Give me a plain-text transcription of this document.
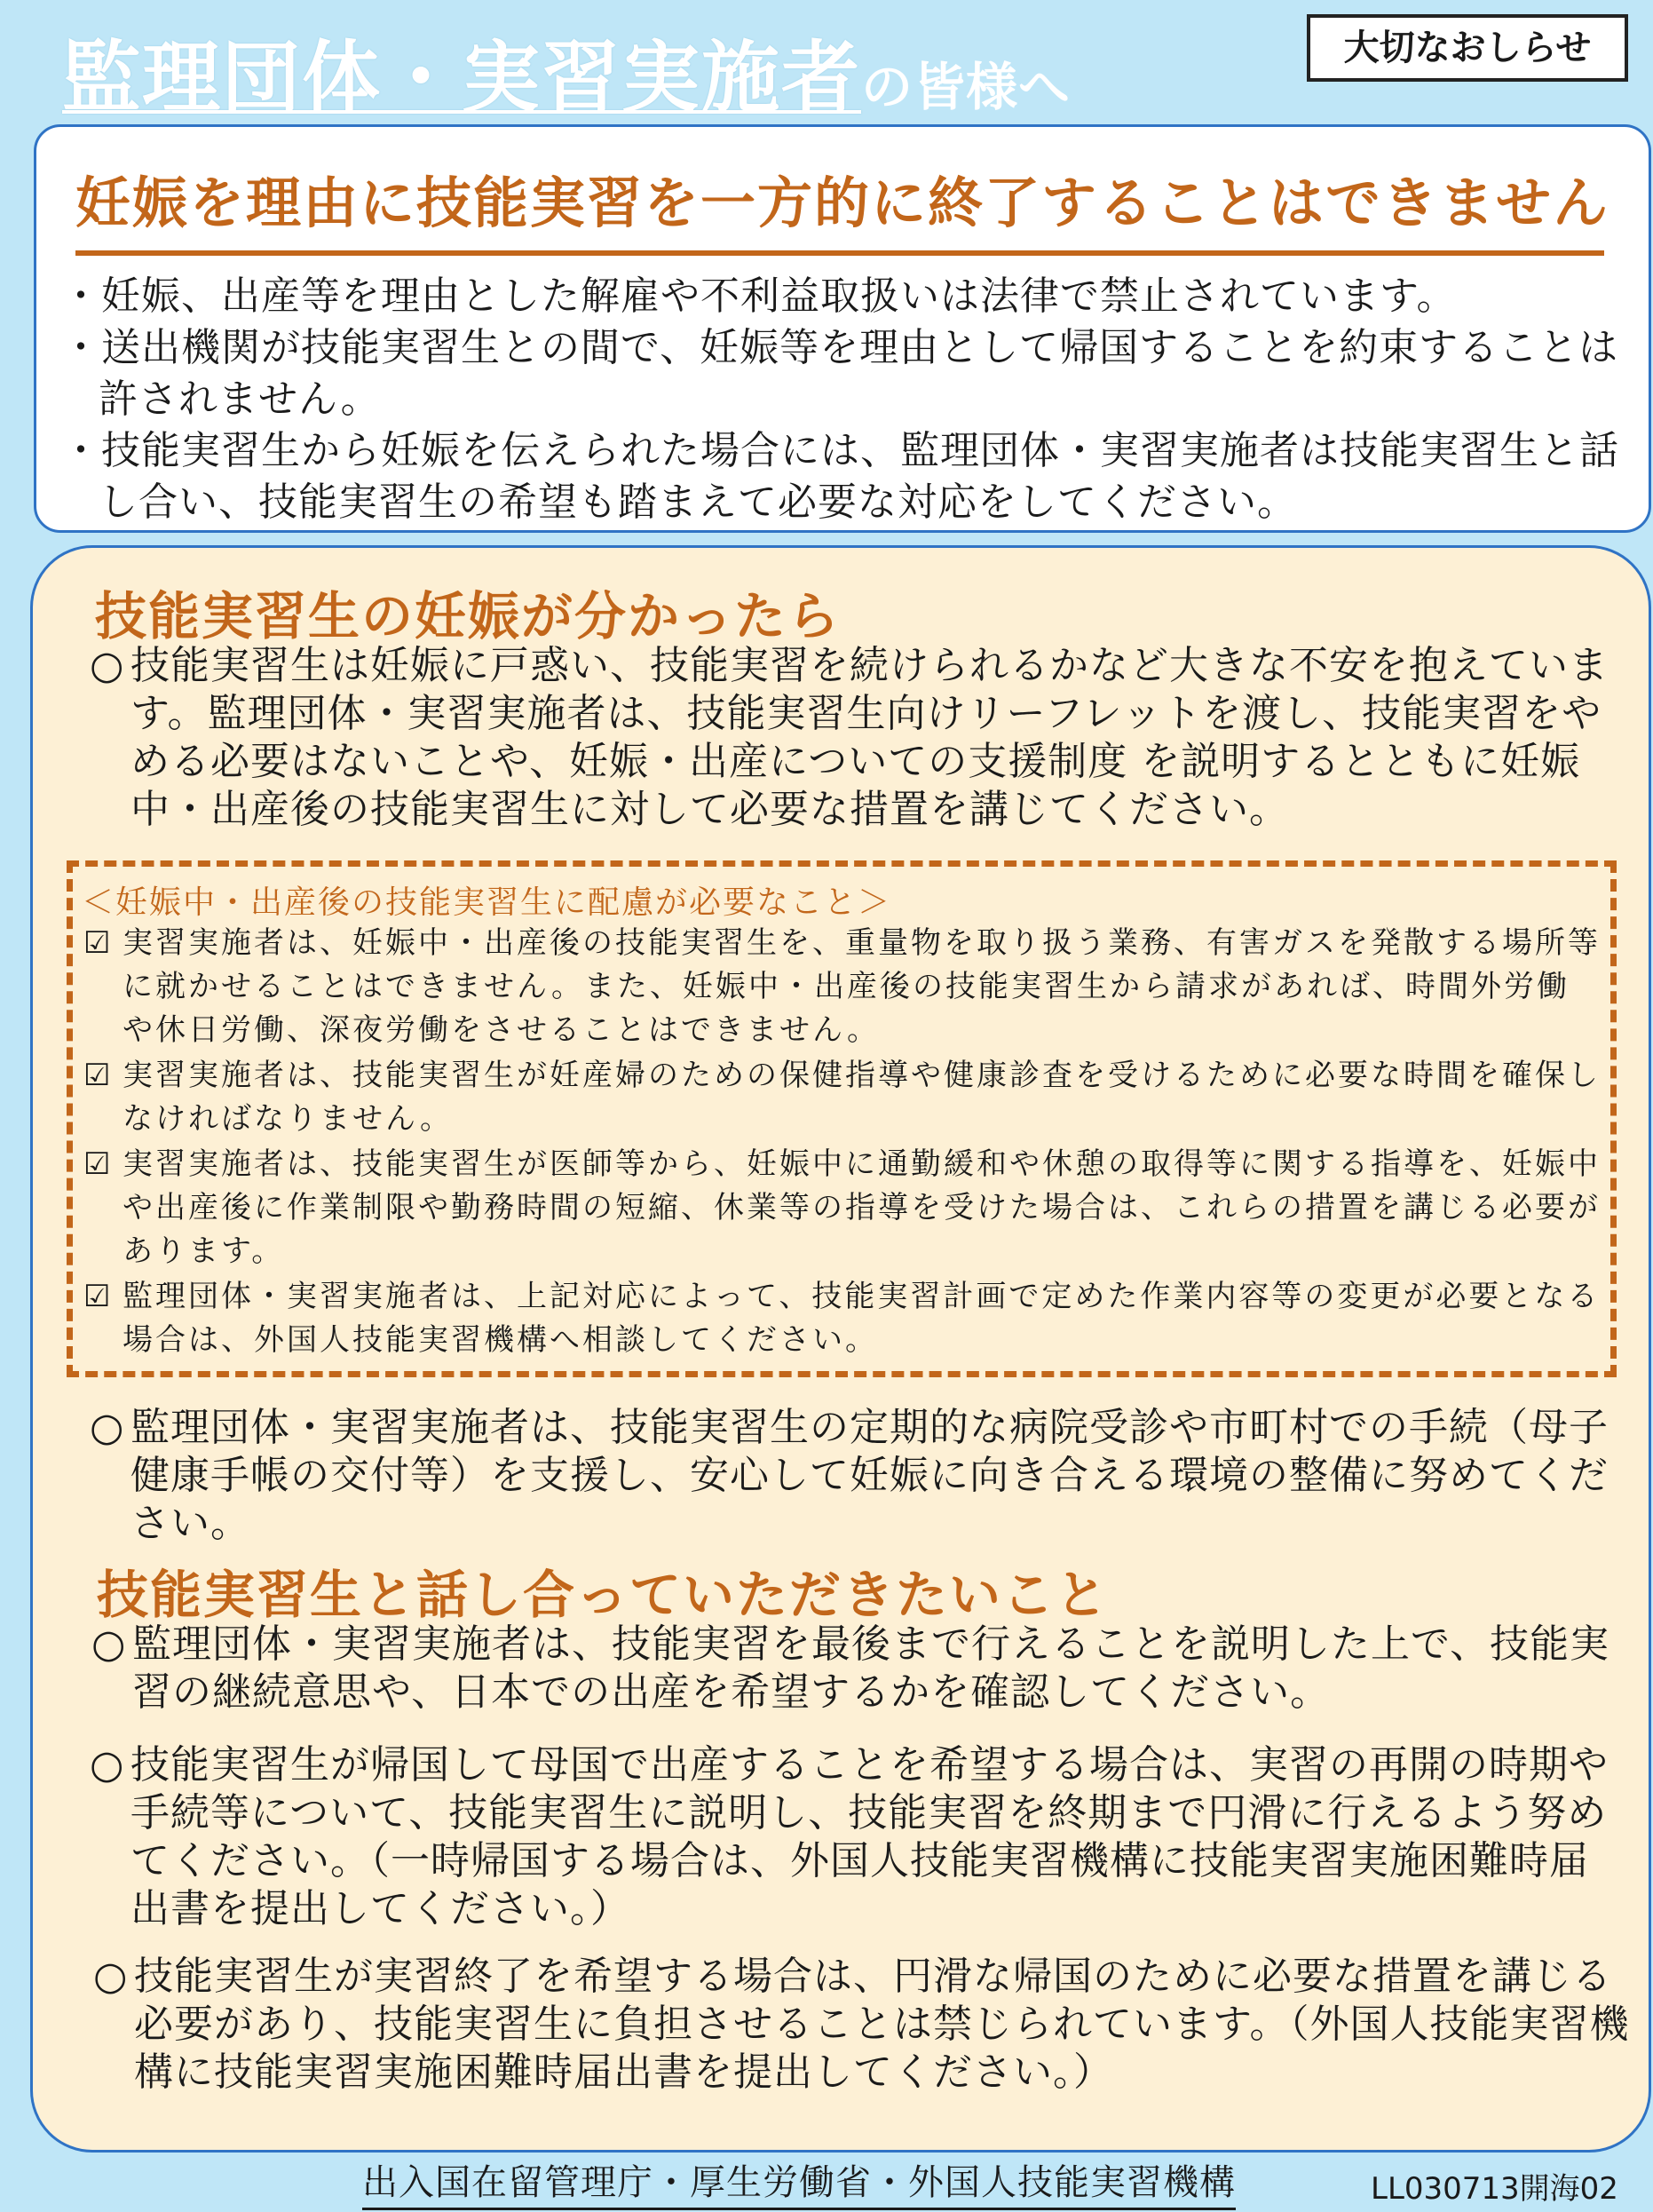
監理団体・実習実施者の皆様へ
大切なおしらせ
妊娠を理由に技能実習を一方的に終了することはできません
・妊娠、出産等を理由とした解雇や不利益取扱いは法律で禁止されています。
・送出機関が技能実習生との間で、妊娠等を理由として帰国することを約束することは許されません。
・技能実習生から妊娠を伝えられた場合には、監理団体・実習実施者は技能実習生と話し合い、技能実習生の希望も踏まえて必要な対応をしてください。
技能実習生の妊娠が分かったら
○ 技能実習生は妊娠に戸惑い、技能実習を続けられるかなど大きな不安を抱えています。監理団体・実習実施者は、技能実習生向けリーフレットを渡し、技能実習をやめる必要はないことや、妊娠・出産についての支援制度 を説明するとともに妊娠中・出産後の技能実習生に対して必要な措置を講じてください。
＜妊娠中・出産後の技能実習生に配慮が必要なこと＞
☑ 実習実施者は、妊娠中・出産後の技能実習生を、重量物を取り扱う業務、有害ガスを発散する場所等に就かせることはできません。また、妊娠中・出産後の技能実習生から請求があれば、時間外労働や休日労働、深夜労働をさせることはできません。
☑ 実習実施者は、技能実習生が妊産婦のための保健指導や健康診査を受けるために必要な時間を確保しなければなりません。
☑ 実習実施者は、技能実習生が医師等から、妊娠中に通勤緩和や休憩の取得等に関する指導を、妊娠中や出産後に作業制限や勤務時間の短縮、休業等の指導を受けた場合は、これらの措置を講じる必要があります。
☑ 監理団体・実習実施者は、上記対応によって、技能実習計画で定めた作業内容等の変更が必要となる場合は、外国人技能実習機構へ相談してください。
○ 監理団体・実習実施者は、技能実習生の定期的な病院受診や市町村での手続（母子健康手帳の交付等）を支援し、安心して妊娠に向き合える環境の整備に努めてください。
技能実習生と話し合っていただきたいこと
○ 監理団体・実習実施者は、技能実習を最後まで行えることを説明した上で、技能実習の継続意思や、日本での出産を希望するかを確認してください。
○ 技能実習生が帰国して母国で出産することを希望する場合は、実習の再開の時期や手続等について、技能実習生に説明し、技能実習を終期まで円滑に行えるよう努めてください。（一時帰国する場合は、外国人技能実習機構に技能実習実施困難時届出書を提出してください。）
○ 技能実習生が実習終了を希望する場合は、円滑な帰国のために必要な措置を講じる必要があり、技能実習生に負担させることは禁じられています。（外国人技能実習機構に技能実習実施困難時届出書を提出してください。）
出入国在留管理庁・厚生労働省・外国人技能実習機構	LL030713開海02
